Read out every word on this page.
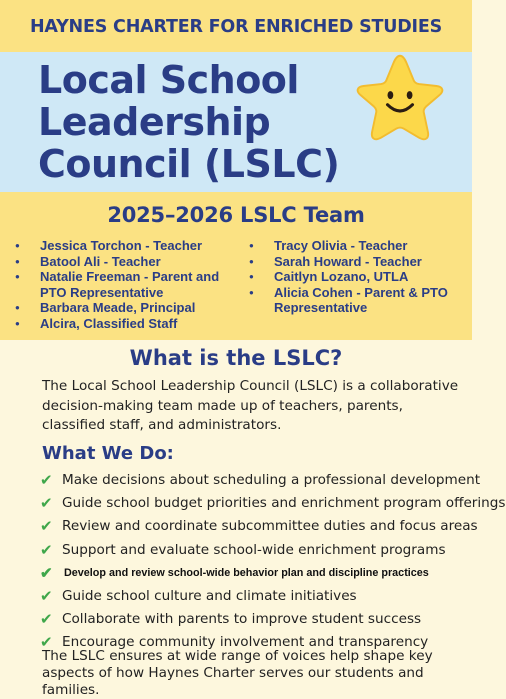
HAYNES CHARTER FOR ENRICHED STUDIES
Local School
Leadership
Council (LSLC)
2025–2026 LSLC Team
● Jessica Torchon - Teacher
● Batool Ali - Teacher
● Natalie Freeman - Parent and PTO Representative
● Barbara Meade, Principal
● Alcira, Classified Staff
● Tracy Olivia - Teacher
● Sarah Howard - Teacher
● Caitlyn Lozano, UTLA
● Alicia Cohen - Parent & PTO Representative
What is the LSLC?
The Local School Leadership Council (LSLC) is a collaborative decision-making team made up of teachers, parents, classified staff, and administrators.
What We Do:
✔ Make decisions about scheduling a professional development
✔ Guide school budget priorities and enrichment program offerings
✔ Review and coordinate subcommittee duties and focus areas
✔ Support and evaluate school-wide enrichment programs
✔ Develop and review school-wide behavior plan and discipline practices
✔ Guide school culture and climate initiatives
✔ Collaborate with parents to improve student success
✔ Encourage community involvement and transparency
The LSLC ensures at wide range of voices help shape key aspects of how Haynes Charter serves our students and families.
